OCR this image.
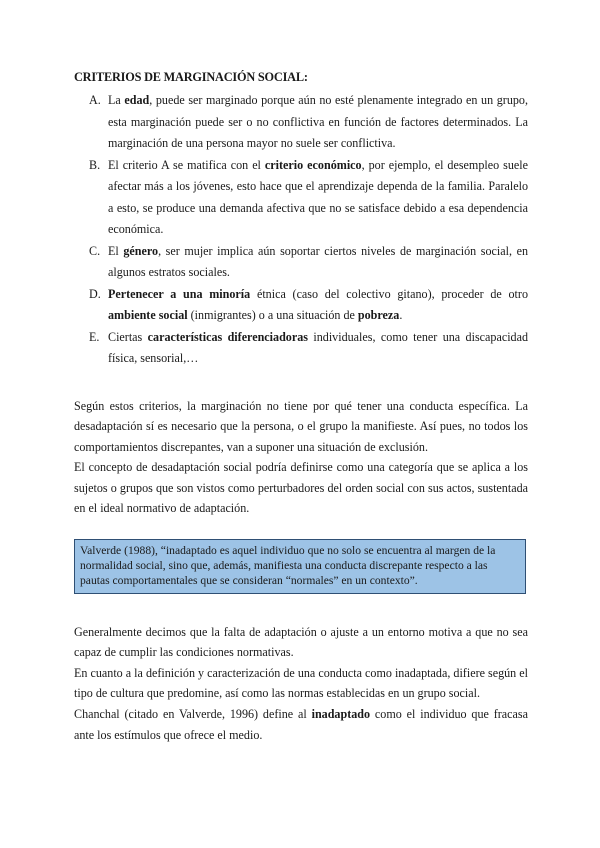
CRITERIOS DE MARGINACIÓN SOCIAL:
A. La edad, puede ser marginado porque aún no esté plenamente integrado en un grupo, esta marginación puede ser o no conflictiva en función de factores determinados. La marginación de una persona mayor no suele ser conflictiva.
B. El criterio A se matifica con el criterio económico, por ejemplo, el desempleo suele afectar más a los jóvenes, esto hace que el aprendizaje dependa de la familia. Paralelo a esto, se produce una demanda afectiva que no se satisface debido a esa dependencia económica.
C. El género, ser mujer implica aún soportar ciertos niveles de marginación social, en algunos estratos sociales.
D. Pertenecer a una minoría étnica (caso del colectivo gitano), proceder de otro ambiente social (inmigrantes) o a una situación de pobreza.
E. Ciertas características diferenciadoras individuales, como tener una discapacidad física, sensorial,…

Según estos criterios, la marginación no tiene por qué tener una conducta específica. La desadaptación sí es necesario que la persona, o el grupo la manifieste. Así pues, no todos los comportamientos discrepantes, van a suponer una situación de exclusión.

El concepto de desadaptación social podría definirse como una categoría que se aplica a los sujetos o grupos que son vistos como perturbadores del orden social con sus actos, sustentada en el ideal normativo de adaptación.

Valverde (1988), “inadaptado es aquel individuo que no solo se encuentra al margen de la normalidad social, sino que, además, manifiesta una conducta discrepante respecto a las pautas comportamentales que se consideran “normales” en un contexto”.

Generalmente decimos que la falta de adaptación o ajuste a un entorno motiva a que no sea capaz de cumplir las condiciones normativas.

En cuanto a la definición y caracterización de una conducta como inadaptada, difiere según el tipo de cultura que predomine, así como las normas establecidas en un grupo social.

Chanchal (citado en Valverde, 1996) define al inadaptado como el individuo que fracasa ante los estímulos que ofrece el medio.
